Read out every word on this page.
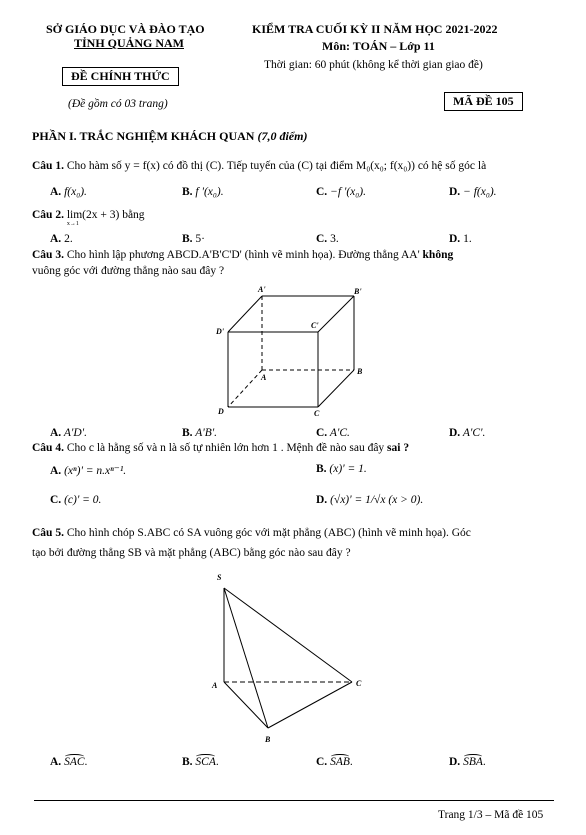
SỞ GIÁO DỤC VÀ ĐÀO TẠO
TỈNH QUẢNG NAM
ĐỀ CHÍNH THỨC
(Đề gồm có 03 trang)
KIỂM TRA CUỐI KỲ II NĂM HỌC 2021-2022
Môn: TOÁN – Lớp 11
Thời gian: 60 phút (không kể thời gian giao đề)
MÃ ĐỀ 105
PHẦN I. TRẮC NGHIỆM KHÁCH QUAN (7,0 điểm)
Câu 1. Cho hàm số y = f(x) có đồ thị (C). Tiếp tuyến của (C) tại điểm M₀(x₀; f(x₀)) có hệ số góc là
A. f(x₀).	B. f '(x₀).	C. −f '(x₀).	D. − f(x₀).
Câu 2. lim
x→1
(2x + 3) bằng
A. 2.	B. 5·	C. 3.	D. 1.
Câu 3. Cho hình lập phương ABCD.A'B'C'D' (hình vẽ minh họa). Đường thẳng AA' không
vuông góc với đường thẳng nào sau đây ?
A'	B'
C'
D'
A
B
C
D
A. A'D'.	B. A'B'.	C. A'C.	D. A'C'.
Câu 4. Cho c là hằng số và n là số tự nhiên lớn hơn 1 . Mệnh đề nào sau đây sai ?
A. (xⁿ)' = n.xⁿ⁻¹.	B. (x)' = 1.
C. (c)' = 0.	D. (√x)' = 1/√x (x > 0).
Câu 5. Cho hình chóp S.ABC có SA vuông góc với mặt phẳng (ABC) (hình vẽ minh họa). Góc
tạo bởi đường thẳng SB và mặt phẳng (ABC) bằng góc nào sau đây ?
S
A
B
C
A. SAC.	B. SCA.	C. SAB.	D. SBA.
Trang 1/3 – Mã đề 105
